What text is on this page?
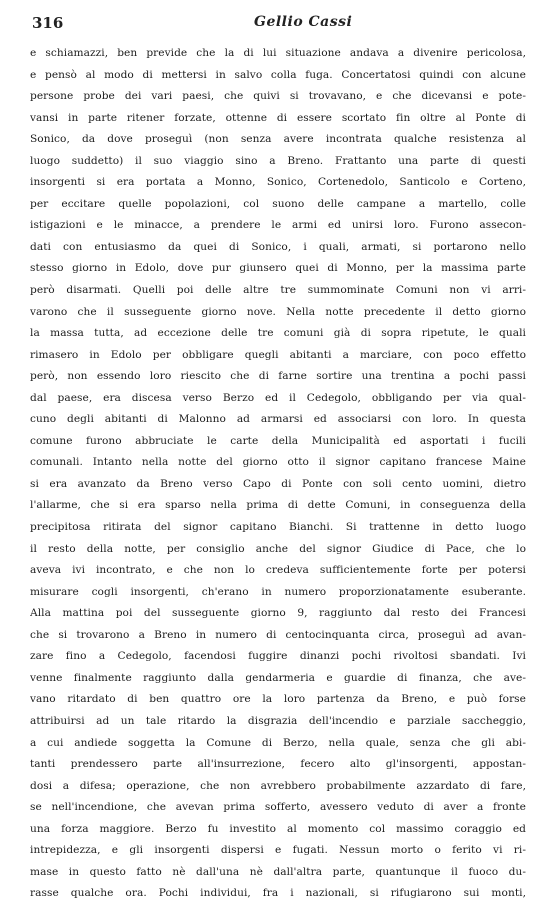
316	Gellio Cassi
e schiamazzi, ben previde che la di lui situazione andava a divenire pericolosa,
e pensò al modo di mettersi in salvo colla fuga. Concertatosi quindi con alcune
persone probe dei vari paesi, che quivi si trovavano, e che dicevansi e pote-
vansi in parte ritener forzate, ottenne di essere scortato fin oltre al Ponte di
Sonico, da dove proseguì (non senza avere incontrata qualche resistenza al
luogo suddetto) il suo viaggio sino a Breno. Frattanto una parte di questi
insorgenti si era portata a Monno, Sonico, Cortenedolo, Santicolo e Corteno,
per eccitare quelle popolazioni, col suono delle campane a martello, colle
istigazioni e le minacce, a prendere le armi ed unirsi loro. Furono assecon-
dati con entusiasmo da quei di Sonico, i quali, armati, si portarono nello
stesso giorno in Edolo, dove pur giunsero quei di Monno, per la massima parte
però disarmati. Quelli poi delle altre tre summominate Comuni non vi arri-
varono che il susseguente giorno nove. Nella notte precedente il detto giorno
la massa tutta, ad eccezione delle tre comuni già di sopra ripetute, le quali
rimasero in Edolo per obbligare quegli abitanti a marciare, con poco effetto
però, non essendo loro riescito che di farne sortire una trentina a pochi passi
dal paese, era discesa verso Berzo ed il Cedegolo, obbligando per via qual-
cuno degli abitanti di Malonno ad armarsi ed associarsi con loro. In questa
comune furono abbruciate le carte della Municipalità ed asportati i fucili
comunali. Intanto nella notte del giorno otto il signor capitano francese Maine
si era avanzato da Breno verso Capo di Ponte con soli cento uomini, dietro
l'allarme, che si era sparso nella prima di dette Comuni, in conseguenza della
precipitosa ritirata del signor capitano Bianchi. Si trattenne in detto luogo
il resto della notte, per consiglio anche del signor Giudice di Pace, che lo
aveva ivi incontrato, e che non lo credeva sufficientemente forte per potersi
misurare cogli insorgenti, ch'erano in numero proporzionatamente esuberante.
Alla mattina poi del susseguente giorno 9, raggiunto dal resto dei Francesi
che si trovarono a Breno in numero di centocinquanta circa, proseguì ad avan-
zare fino a Cedegolo, facendosi fuggire dinanzi pochi rivoltosi sbandati. Ivi
venne finalmente raggiunto dalla gendarmeria e guardie di finanza, che ave-
vano ritardato di ben quattro ore la loro partenza da Breno, e può forse
attribuirsi ad un tale ritardo la disgrazia dell'incendio e parziale saccheggio,
a cui andiede soggetta la Comune di Berzo, nella quale, senza che gli abi-
tanti prendessero parte all'insurrezione, fecero alto gl'insorgenti, appostan-
dosi a difesa; operazione, che non avrebbero probabilmente azzardato di fare,
se nell'incendione, che avevan prima sofferto, avessero veduto di aver a fronte
una forza maggiore. Berzo fu investito al momento col massimo coraggio ed
intrepidezza, e gli insorgenti dispersi e fugati. Nessun morto o ferito vi ri-
mase in questo fatto nè dall'una nè dall'altra parte, quantunque il fuoco du-
rasse qualche ora. Pochi individui, fra i nazionali, si rifugiarono sui monti,
